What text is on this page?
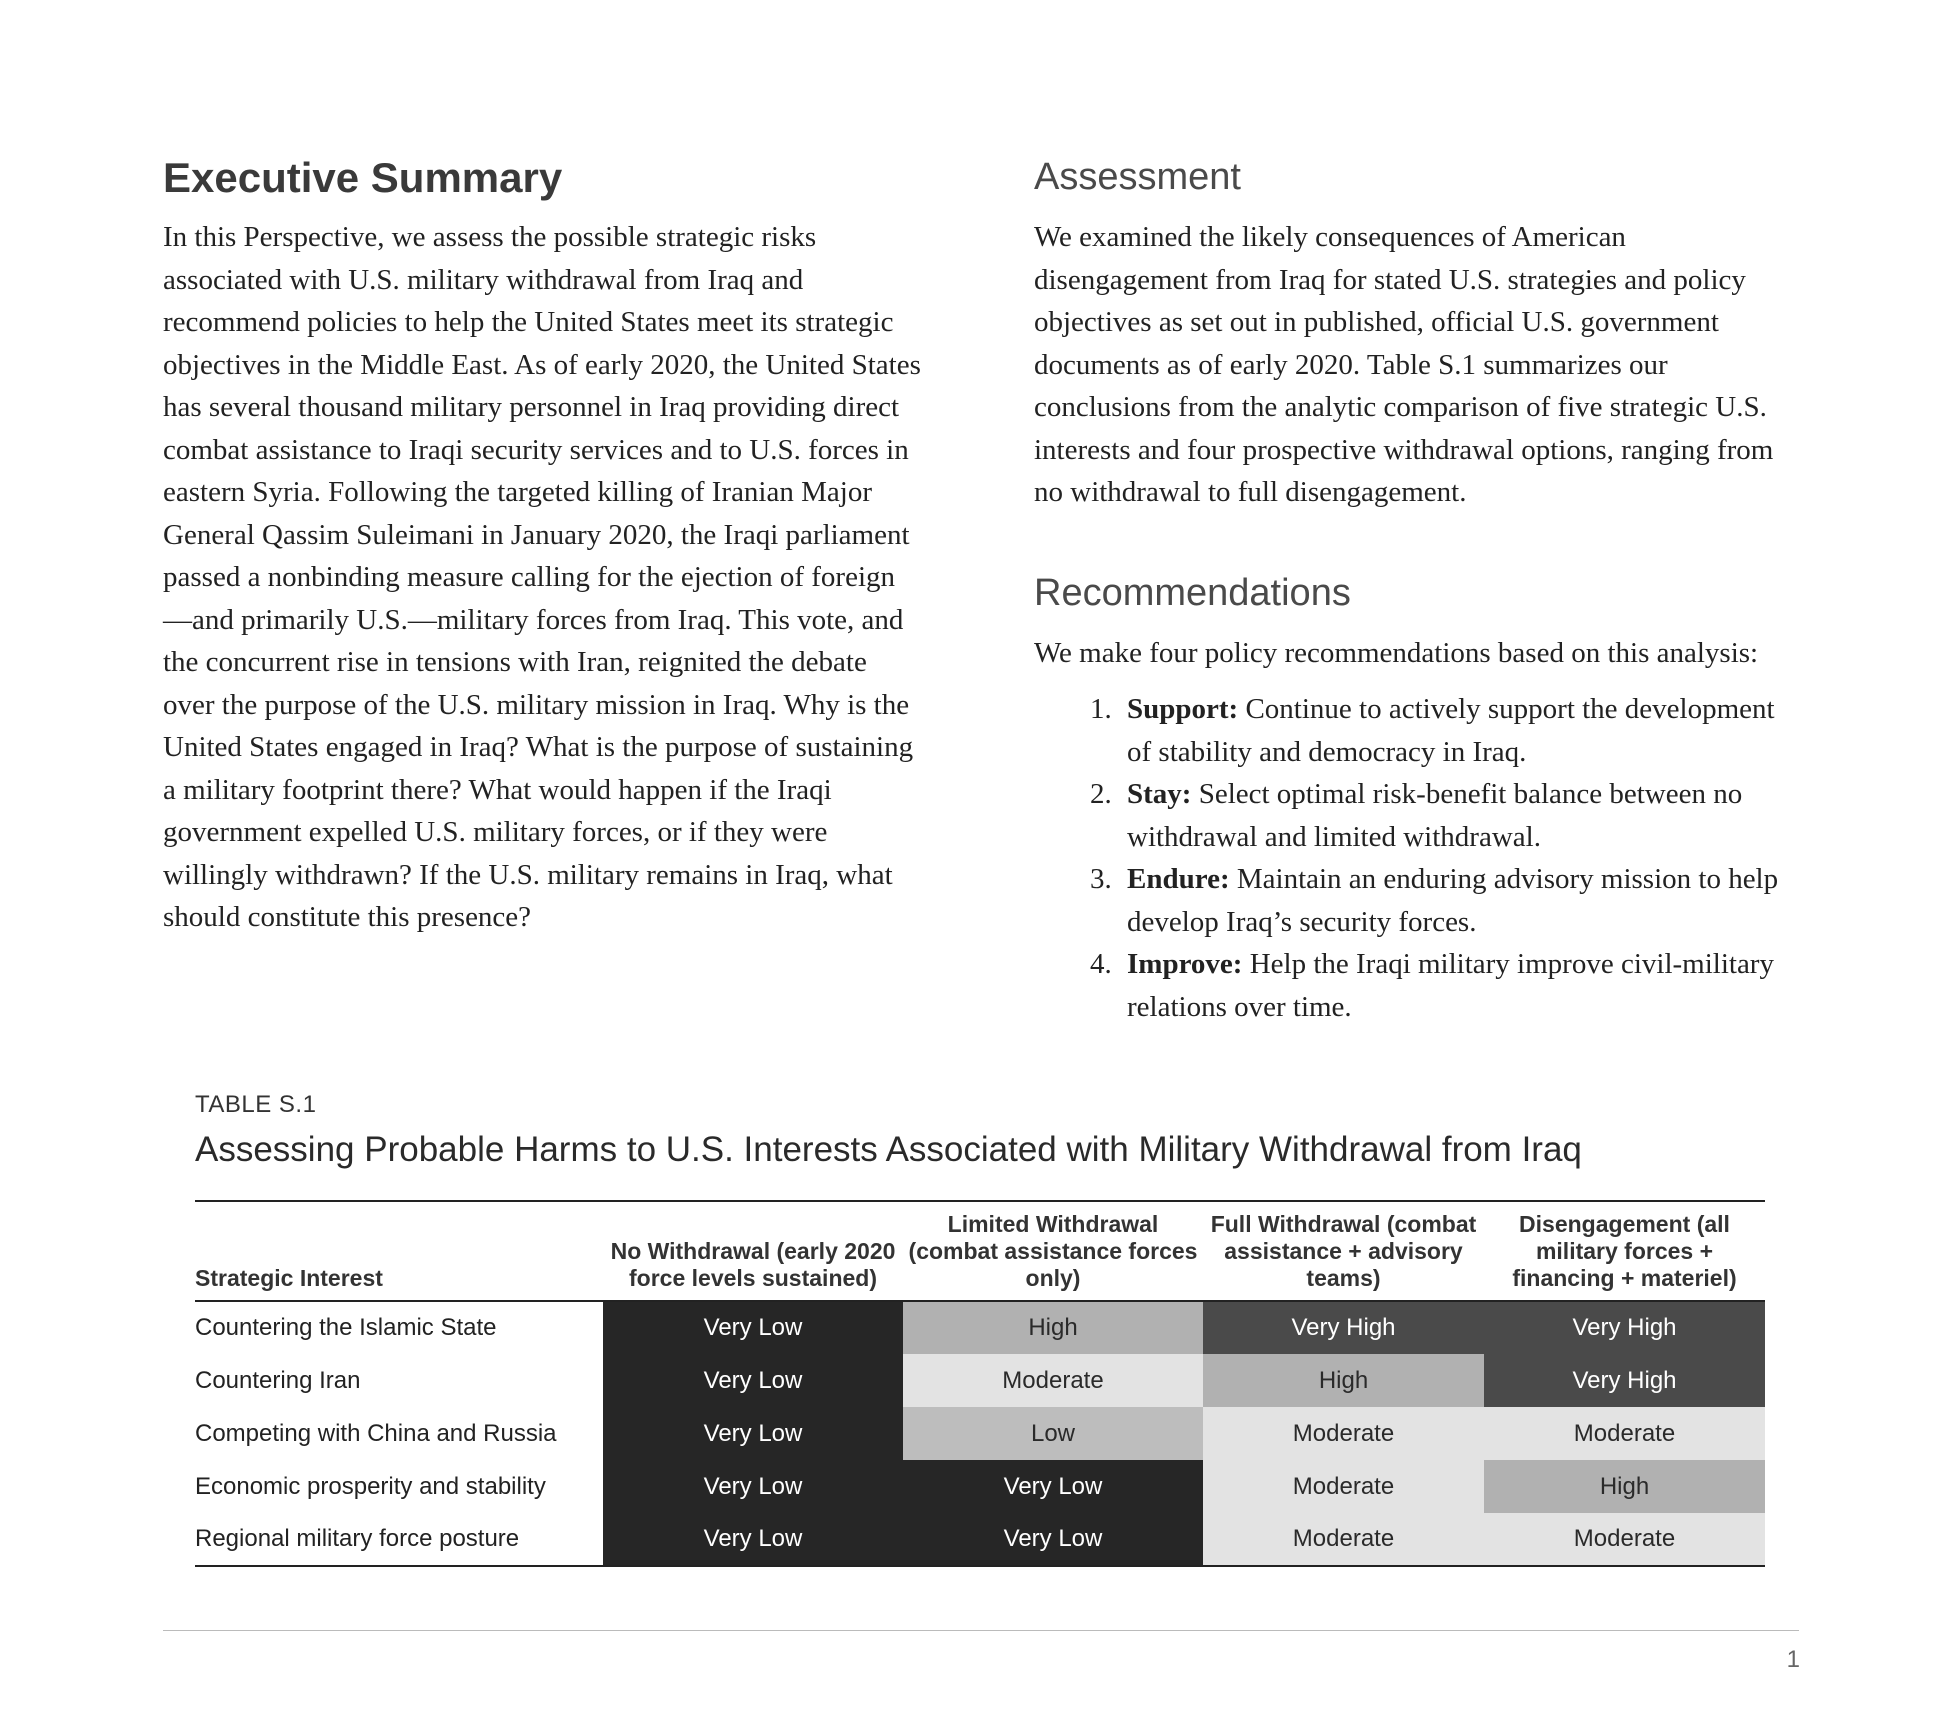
Executive Summary

In this Perspective, we assess the possible strategic risks associated with U.S. military withdrawal from Iraq and recommend policies to help the United States meet its strategic objectives in the Middle East. As of early 2020, the United States has several thousand military personnel in Iraq providing direct combat assistance to Iraqi security services and to U.S. forces in eastern Syria. Following the targeted killing of Iranian Major General Qassim Suleimani in January 2020, the Iraqi parliament passed a nonbinding measure calling for the ejection of foreign—and primarily U.S.—military forces from Iraq. This vote, and the concurrent rise in tensions with Iran, reignited the debate over the purpose of the U.S. military mission in Iraq. Why is the United States engaged in Iraq? What is the purpose of sustaining a military footprint there? What would happen if the Iraqi government expelled U.S. military forces, or if they were willingly withdrawn? If the U.S. military remains in Iraq, what should constitute this presence?

Assessment

We examined the likely consequences of American disengagement from Iraq for stated U.S. strategies and policy objectives as set out in published, official U.S. government documents as of early 2020. Table S.1 summarizes our conclusions from the analytic comparison of five strategic U.S. interests and four prospective withdrawal options, ranging from no withdrawal to full disengagement.

Recommendations

We make four policy recommendations based on this analysis:

1. Support: Continue to actively support the development of stability and democracy in Iraq.
2. Stay: Select optimal risk-benefit balance between no withdrawal and limited withdrawal.
3. Endure: Maintain an enduring advisory mission to help develop Iraq’s security forces.
4. Improve: Help the Iraqi military improve civil-military relations over time.
TABLE S.1
Assessing Probable Harms to U.S. Interests Associated with Military Withdrawal from Iraq
Strategic Interest	No Withdrawal (early 2020 force levels sustained)	Limited Withdrawal (combat assistance forces only)	Full Withdrawal (combat assistance + advisory teams)	Disengagement (all military forces + financing + materiel)
Countering the Islamic State	Very Low	High	Very High	Very High
Countering Iran	Very Low	Moderate	High	Very High
Competing with China and Russia	Very Low	Low	Moderate	Moderate
Economic prosperity and stability	Very Low	Very Low	Moderate	High
Regional military force posture	Very Low	Very Low	Moderate	Moderate
1
